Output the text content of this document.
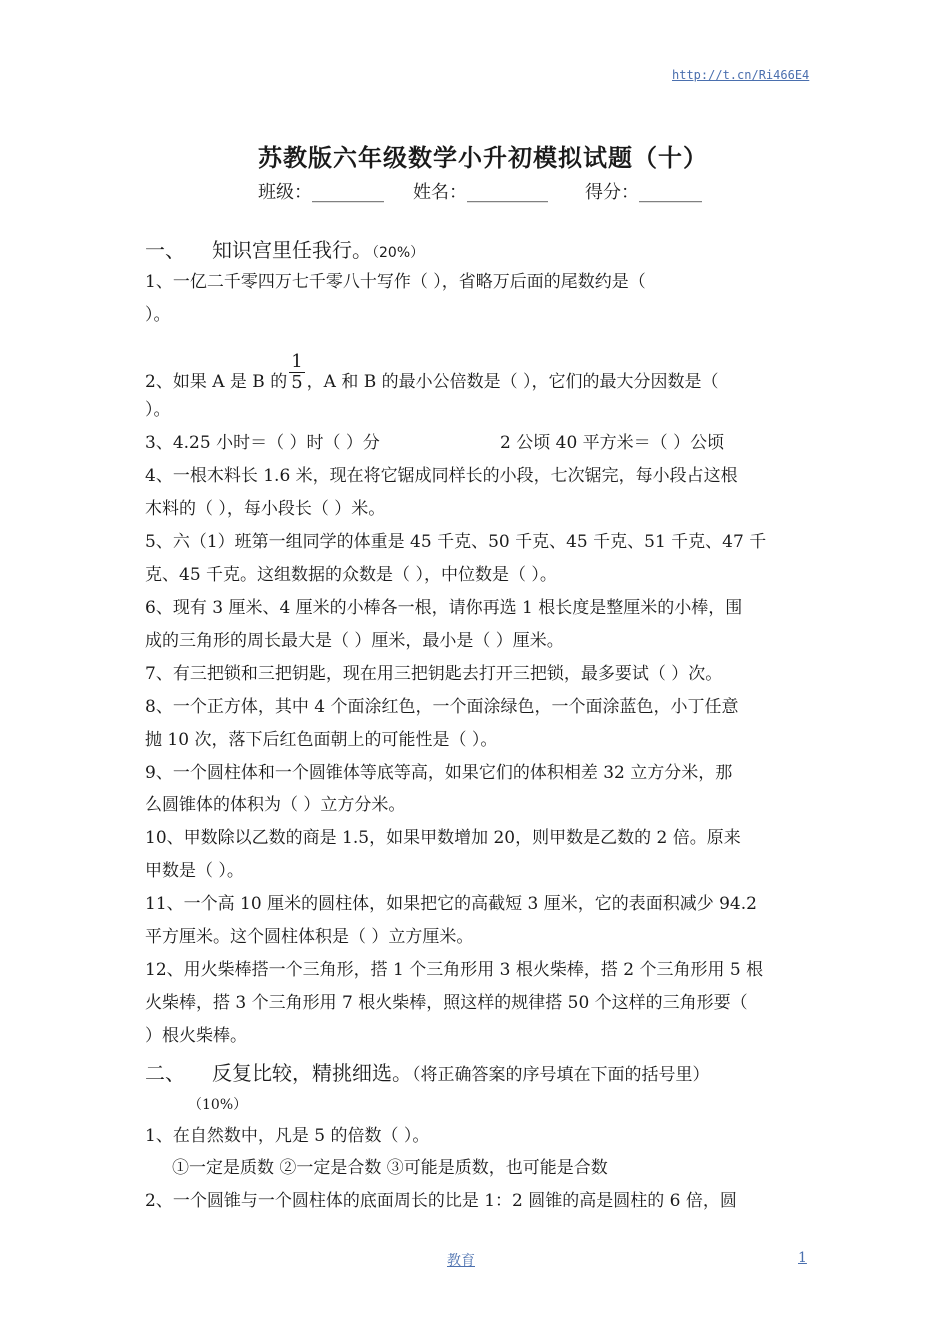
http://t.cn/Ri466E4
苏教版六年级数学小升初模拟试题（十）
班级：________ 姓名：_________ 得分：_______
一、 知识宫里任我行。（20%）
1、一亿二千零四万七千零八十写作（ ），省略万后面的尾数约是（
）。
2、如果 A 是 B 的 $\frac{1}{5}$ ，A 和 B 的最小公倍数是（ ），它们的最大分因数是（
）。
3、4.25 小时＝（ ）时（ ）分	2 公顷 40 平方米＝（ ）公顷
4、一根木料长 1.6 米，现在将它锯成同样长的小段，七次锯完，每小段占这根
木料的（ ），每小段长（ ）米。
5、六（1）班第一组同学的体重是 45 千克、50 千克、45 千克、51 千克、47 千
克、45 千克。这组数据的众数是（ ），中位数是（ ）。
6、现有 3 厘米、4 厘米的小棒各一根，请你再选 1 根长度是整厘米的小棒，围
成的三角形的周长最大是（ ）厘米，最小是（ ）厘米。
7、有三把锁和三把钥匙，现在用三把钥匙去打开三把锁，最多要试（ ）次。
8、一个正方体，其中 4 个面涂红色，一个面涂绿色，一个面涂蓝色，小丁任意
抛 10 次，落下后红色面朝上的可能性是（ ）。
9、一个圆柱体和一个圆锥体等底等高，如果它们的体积相差 32 立方分米，那
么圆锥体的体积为（ ）立方分米。
10、甲数除以乙数的商是 1.5，如果甲数增加 20，则甲数是乙数的 2 倍。原来
甲数是（ ）。
11、一个高 10 厘米的圆柱体，如果把它的高截短 3 厘米，它的表面积减少 94.2
平方厘米。这个圆柱体积是（ ）立方厘米。
12、用火柴棒搭一个三角形，搭 1 个三角形用 3 根火柴棒，搭 2 个三角形用 5 根
火柴棒，搭 3 个三角形用 7 根火柴棒，照这样的规律搭 50 个这样的三角形要（
）根火柴棒。
二、 反复比较，精挑细选。（将正确答案的序号填在下面的括号里）
（10%）
1、在自然数中，凡是 5 的倍数（ ）。
①一定是质数 ②一定是合数 ③可能是质数，也可能是合数
2、一个圆锥与一个圆柱体的底面周长的比是 1：2 圆锥的高是圆柱的 6 倍，圆
教育	1
